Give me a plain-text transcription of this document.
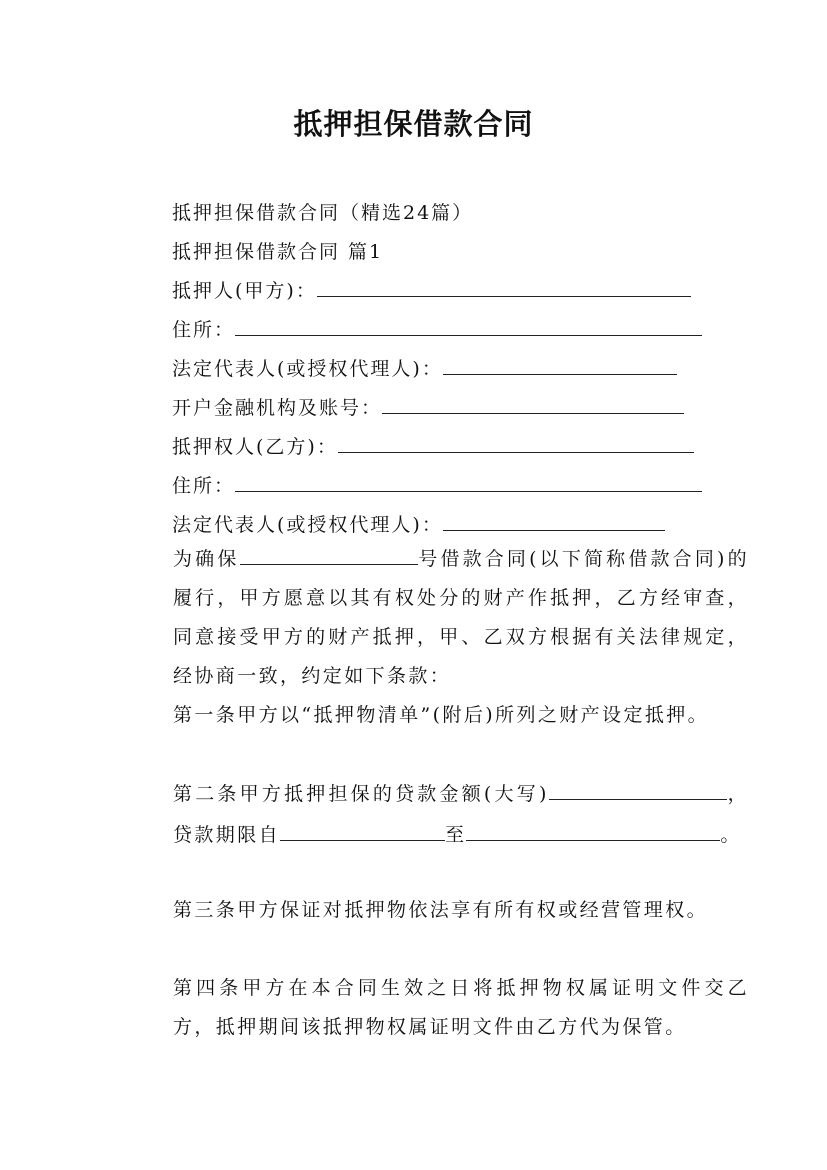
抵押担保借款合同
抵押担保借款合同（精选24篇）
抵押担保借款合同 篇1
抵押人(甲方)：
住所：
法定代表人(或授权代理人)：
开户金融机构及账号：
抵押权人(乙方)：
住所：
法定代表人(或授权代理人)：
为确保	号借款合同(以下简称借款合同)的履行，甲方愿意以其有权处分的财产作抵押，乙方经审查，同意接受甲方的财产抵押，甲、乙双方根据有关法律规定，经协商一致，约定如下条款：
第一条甲方以“抵押物清单”(附后)所列之财产设定抵押。
第二条甲方抵押担保的贷款金额(大写)	，贷款期限自	至	。
第三条甲方保证对抵押物依法享有所有权或经营管理权。
第四条甲方在本合同生效之日将抵押物权属证明文件交乙方，抵押期间该抵押物权属证明文件由乙方代为保管。
